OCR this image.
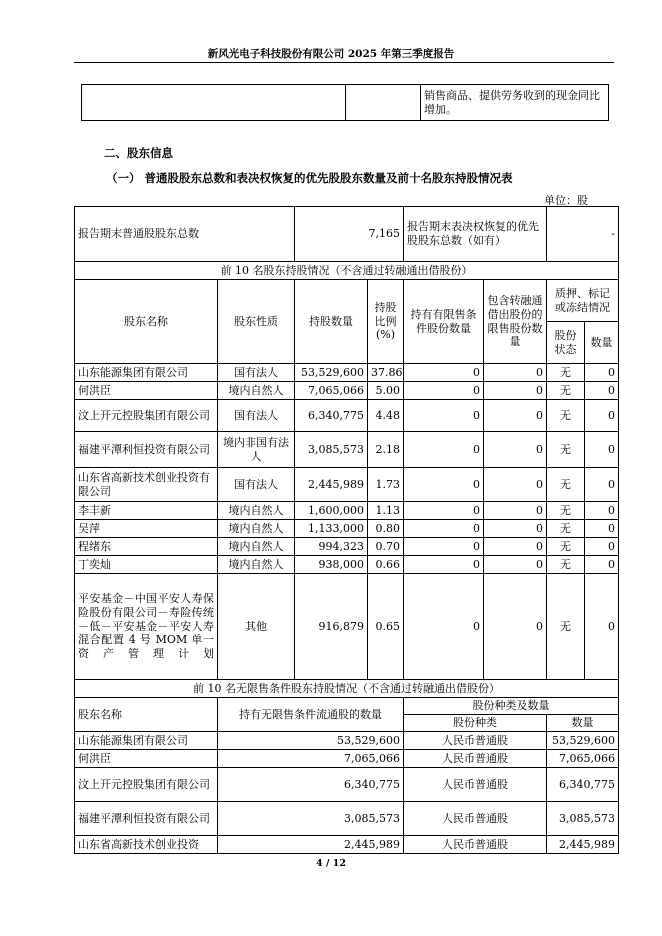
新风光电子科技股份有限公司 2025 年第三季度报告

销售商品、提供劳务收到的现金同比
增加。
二、股东信息
（一） 普通股股东总数和表决权恢复的优先股股东数量及前十名股东持股情况表
单位：股
报告期末普通股股东总数		7,165		报告期末表决权恢复的优先股股东总数（如有）		-	
前 10 名股东持股情况（不含通过转融通出借股份）							
股东名称	股东性质	持股数量	持股比例(%)	持有有限售条件股份数量	包含转融通借出股份的限售股份数量	质押、标记或冻结情况	
						股份状态	数量
山东能源集团有限公司	国有法人	53,529,600	37.86	0	0	无	0
何洪臣	境内自然人	7,065,066	5.00	0	0	无	0
汶上开元控股集团有限公司	国有法人	6,340,775	4.48	0	0	无	0
福建平潭利恒投资有限公司	境内非国有法人	3,085,573	2.18	0	0	无	0
山东省高新技术创业投资有限公司	国有法人	2,445,989	1.73	0	0	无	0
李丰新	境内自然人	1,600,000	1.13	0	0	无	0
吴萍	境内自然人	1,133,000	0.80	0	0	无	0
程绪东	境内自然人	994,323	0.70	0	0	无	0
丁奕灿	境内自然人	938,000	0.66	0	0	无	0
平安基金－中国平安人寿保险股份有限公司－寿险传统－低－平安基金－平安人寿混合配置 4 号 MOM 单一资产管理计划	其他	916,879	0.65	0	0	无	0
前 10 名无限售条件股东持股情况（不含通过转融通出借股份）							
股东名称	持有无限售条件流通股的数量			股份种类及数量			
				股份种类		数量	
山东能源集团有限公司	53,529,600			人民币普通股		53,529,600	
何洪臣	7,065,066			人民币普通股		7,065,066	
汶上开元控股集团有限公司	6,340,775			人民币普通股		6,340,775	
福建平潭利恒投资有限公司	3,085,573			人民币普通股		3,085,573	
山东省高新技术创业投资	2,445,989			人民币普通股		2,445,989	
4 / 12
